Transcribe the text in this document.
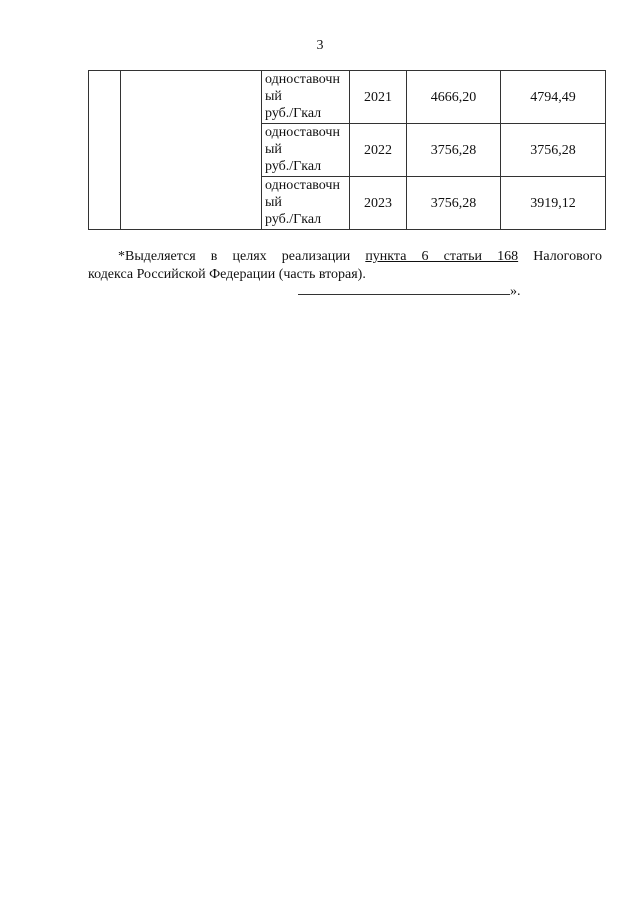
3

		одноставочн
ый
руб./Гкал	2021	4666,20	4794,49

		одноставочн
ый
руб./Гкал	2022	3756,28	3756,28

		одноставочн
ый
руб./Гкал	2023	3756,28	3919,12
*Выделяется в целях реализации пункта 6 статьи 168 Налогового
кодекса Российской Федерации (часть вторая).
».
